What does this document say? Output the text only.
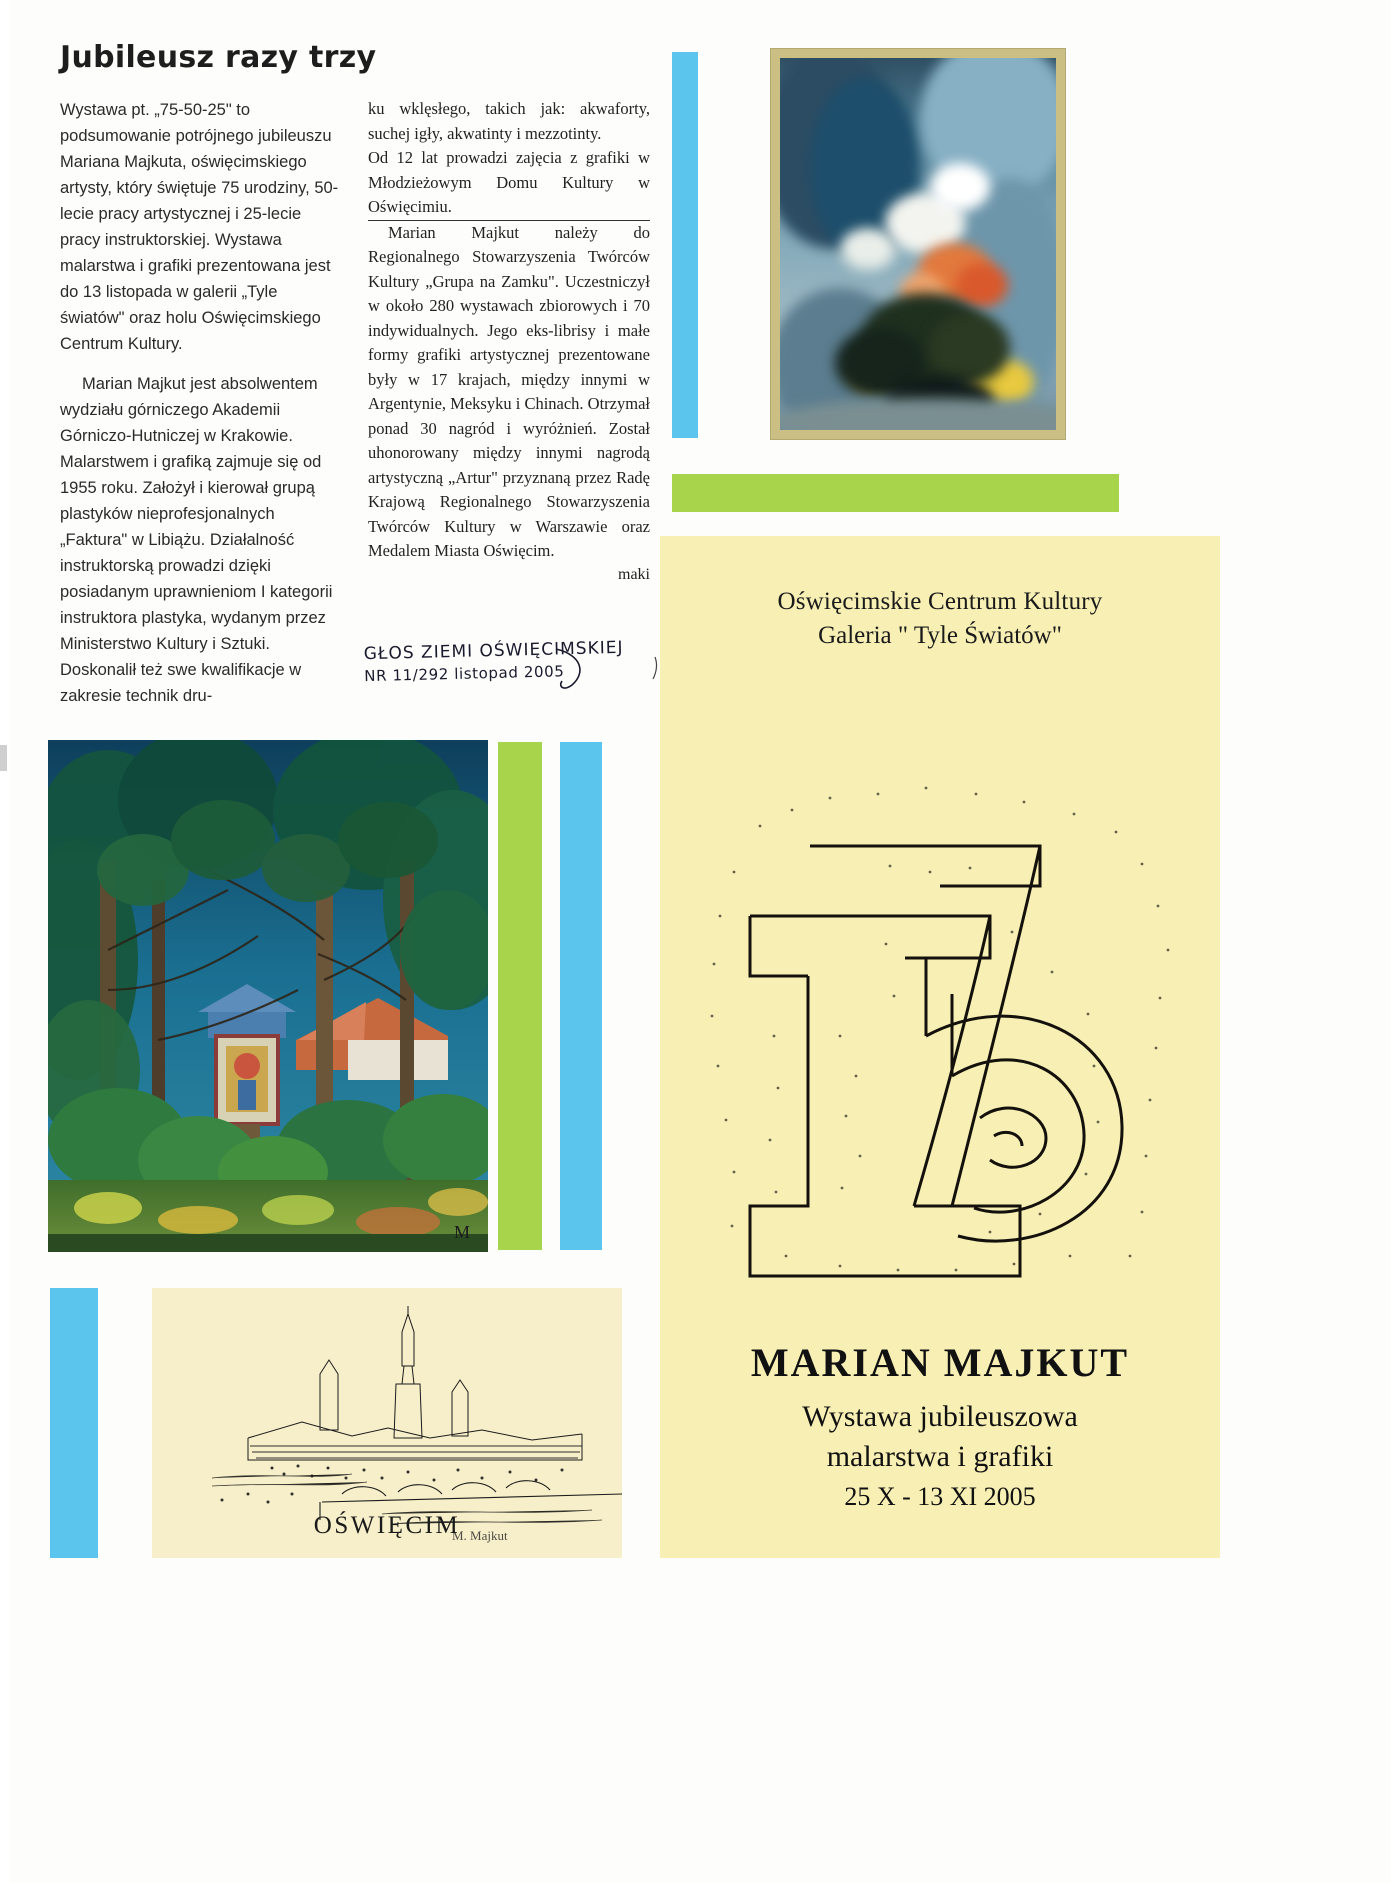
Jubileusz razy trzy

Wystawa pt. „75-50-25" to podsumowanie potrójnego jubileuszu Mariana Majkuta, oświęcimskiego artysty, który świętuje 75 urodziny, 50-lecie pracy artystycznej i 25-lecie pracy instruktorskiej. Wystawa malarstwa i grafiki prezentowana jest do 13 listopada w galerii „Tyle światów" oraz holu Oświęcimskiego Centrum Kultury.

Marian Majkut jest absolwentem wydziału górniczego Akademii Górniczo-Hutniczej w Krakowie. Malarstwem i grafiką zajmuje się od 1955 roku. Założył i kierował grupą plastyków nieprofesjonalnych „Faktura" w Libiążu. Działalność instruktorską prowadzi dzięki posiadanym uprawnieniom I kategorii instruktora plastyka, wydanym przez Ministerstwo Kultury i Sztuki. Doskonalił też swe kwalifikacje w zakresie technik dru-

ku wklęsłego, takich jak: akwaforty, suchej igły, akwatinty i mezzotinty.

Od 12 lat prowadzi zajęcia z grafiki w Młodzieżowym Domu Kultury w Oświęcimiu.

Marian Majkut należy do Regionalnego Stowarzyszenia Twórców Kultury „Grupa na Zamku". Uczestniczył w około 280 wystawach zbiorowych i 70 indywidualnych. Jego eks-librisy i małe formy grafiki artystycznej prezentowane były w 17 krajach, między innymi w Argentynie, Meksyku i Chinach. Otrzymał ponad 30 nagród i wyróżnień. Został uhonorowany między innymi nagrodą artystyczną „Artur" przyznaną przez Radę Krajową Regionalnego Stowarzyszenia Twórców Kultury w Warszawie oraz Medalem Miasta Oświęcim.

maki
GŁOS ZIEMI OŚWIĘCIMSKIEJ
NR 11/292 listopad 2005
M
M. Majkut
OŚWIĘCIM
Oświęcimskie Centrum Kultury
Galeria " Tyle Światów"
MARIAN MAJKUT
Wystawa jubileuszowa
malarstwa i grafiki
25 X - 13 XI 2005
